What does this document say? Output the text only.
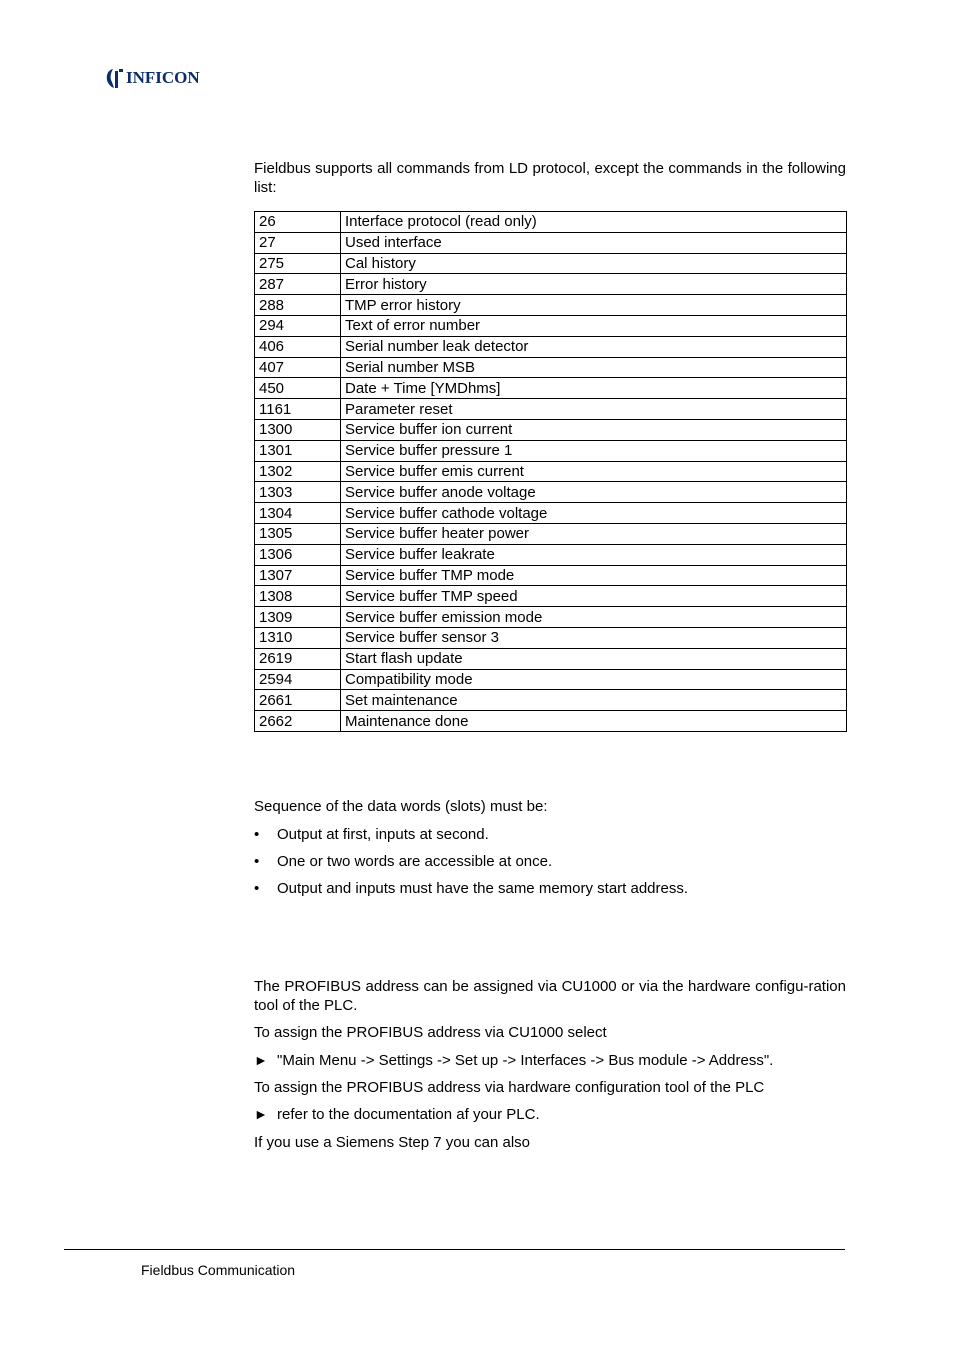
INFICON
Fieldbus supports all commands from LD protocol, except the commands in the following list:
26	Interface protocol (read only)
27	Used interface
275	Cal history
287	Error history
288	TMP error history
294	Text of error number
406	Serial number leak detector
407	Serial number MSB
450	Date + Time [YMDhms]
1161	Parameter reset
1300	Service buffer ion current
1301	Service buffer pressure 1
1302	Service buffer emis current
1303	Service buffer anode voltage
1304	Service buffer cathode voltage
1305	Service buffer heater power
1306	Service buffer leakrate
1307	Service buffer TMP mode
1308	Service buffer TMP speed
1309	Service buffer emission mode
1310	Service buffer sensor 3
2619	Start flash update
2594	Compatibility mode
2661	Set maintenance
2662	Maintenance done
Sequence of the data words (slots) must be:
• Output at first, inputs at second.
• One or two words are accessible at once.
• Output and inputs must have the same memory start address.
The PROFIBUS address can be assigned via CU1000 or via the hardware configu-ration tool of the PLC.
To assign the PROFIBUS address via CU1000 select
► "Main Menu -> Settings -> Set up -> Interfaces -> Bus module -> Address".
To assign the PROFIBUS address via hardware configuration tool of the PLC
► refer to the documentation af your PLC.
If you use a Siemens Step 7 you can also
Fieldbus Communication
